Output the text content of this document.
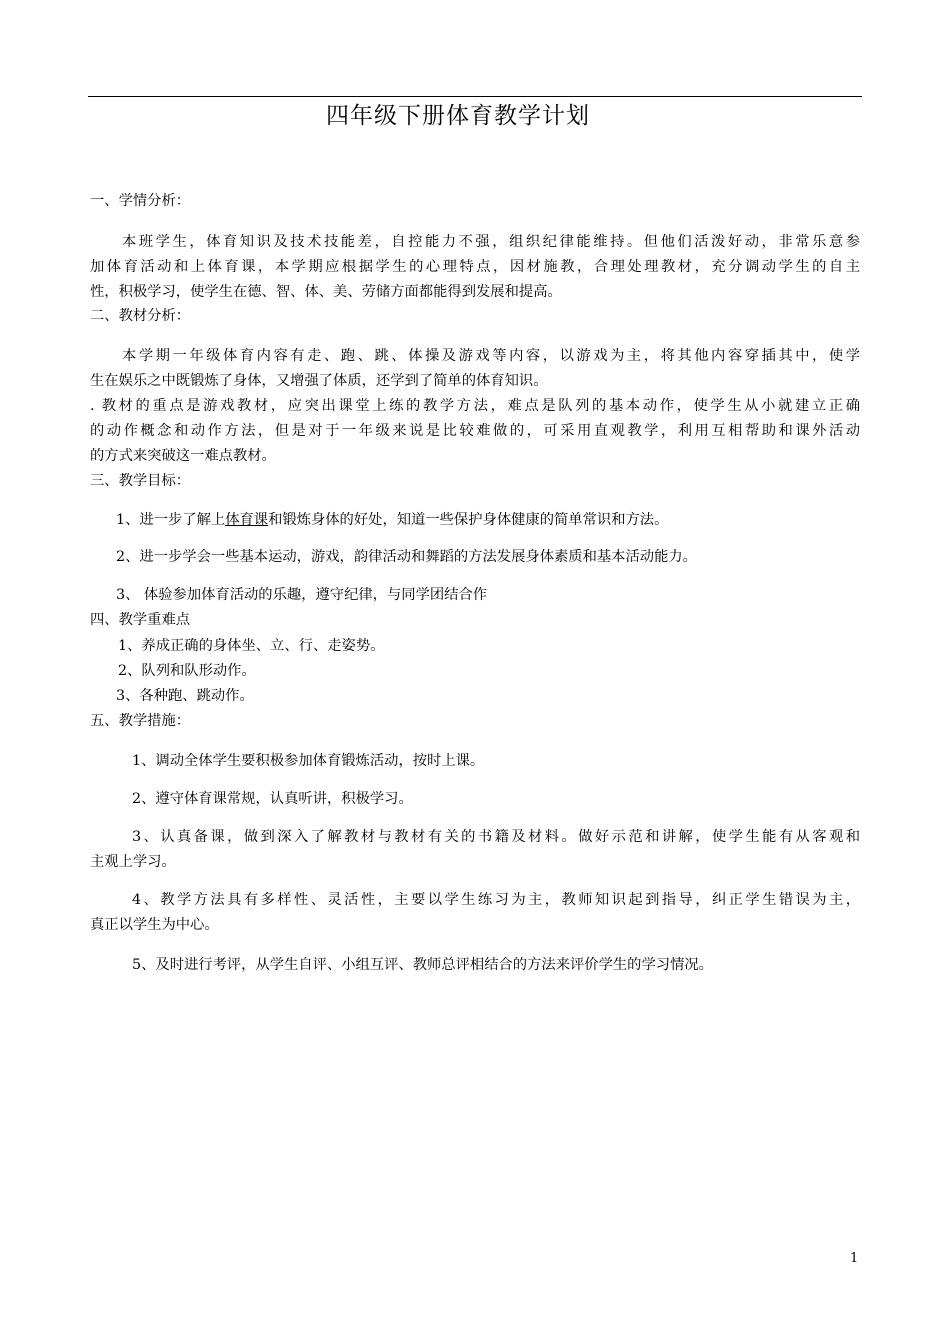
四年级下册体育教学计划
一、学情分析：
本班学生，体育知识及技术技能差，自控能力不强，组织纪律能维持。但他们活泼好动，非常乐意参
加体育活动和上体育课，本学期应根据学生的心理特点，因材施教，合理处理教材，充分调动学生的自主
性，积极学习，使学生在德、智、体、美、劳储方面都能得到发展和提高。
二、教材分析：
本学期一年级体育内容有走、跑、跳、体操及游戏等内容，以游戏为主，将其他内容穿插其中，使学
生在娱乐之中既锻炼了身体，又增强了体质，还学到了简单的体育知识。
. 教材的重点是游戏教材，应突出课堂上练的教学方法，难点是队列的基本动作，使学生从小就建立正确
的动作概念和动作方法，但是对于一年级来说是比较难做的，可采用直观教学，利用互相帮助和课外活动
的方式来突破这一难点教材。
三、教学目标：
1、进一步了解上体育课和锻炼身体的好处，知道一些保护身体健康的简单常识和方法。
2、进一步学会一些基本运动，游戏，韵律活动和舞蹈的方法发展身体素质和基本活动能力。
3、 体验参加体育活动的乐趣，遵守纪律，与同学团结合作
四、教学重难点
1、养成正确的身体坐、立、行、走姿势。
2、队列和队形动作。
3、各种跑、跳动作。
五、教学措施：
1、调动全体学生要积极参加体育锻炼活动，按时上课。
2、遵守体育课常规，认真听讲，积极学习。
3、认真备课，做到深入了解教材与教材有关的书籍及材料。做好示范和讲解，使学生能有从客观和
主观上学习。
4、教学方法具有多样性、灵活性，主要以学生练习为主，教师知识起到指导，纠正学生错误为主，
真正以学生为中心。
5、及时进行考评，从学生自评、小组互评、教师总评相结合的方法来评价学生的学习情况。
1
